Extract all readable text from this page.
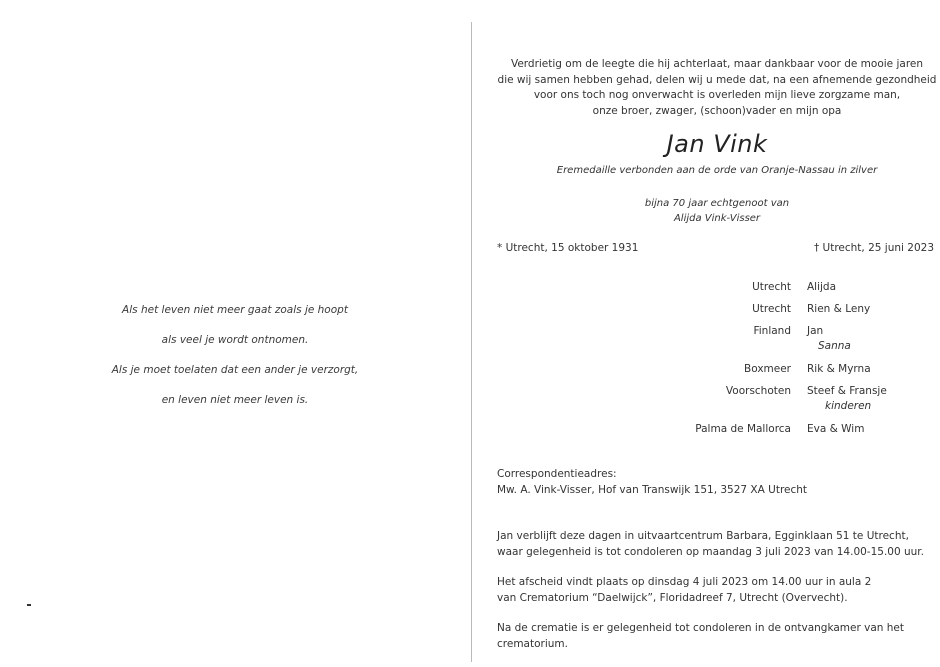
Als het leven niet meer gaat zoals je hoopt
als veel je wordt ontnomen.
Als je moet toelaten dat een ander je verzorgt,
en leven niet meer leven is.
Verdrietig om de leegte die hij achterlaat, maar dankbaar voor de mooie jaren
die wij samen hebben gehad, delen wij u mede dat, na een afnemende gezondheid
voor ons toch nog onverwacht is overleden mijn lieve zorgzame man,
onze broer, zwager, (schoon)vader en mijn opa
Jan Vink
Eremedaille verbonden aan de orde van Oranje-Nassau in zilver
bijna 70 jaar echtgenoot van
Alijda Vink-Visser
* Utrecht, 15 oktober 1931	† Utrecht, 25 juni 2023
Utrecht Alijda
Utrecht Rien & Leny
Finland Jan
Sanna
Boxmeer Rik & Myrna
Voorschoten Steef & Fransje
kinderen
Palma de Mallorca Eva & Wim
Correspondentieadres:
Mw. A. Vink-Visser, Hof van Transwijk 151, 3527 XA Utrecht
Jan verblijft deze dagen in uitvaartcentrum Barbara, Egginklaan 51 te Utrecht,
waar gelegenheid is tot condoleren op maandag 3 juli 2023 van 14.00-15.00 uur.
Het afscheid vindt plaats op dinsdag 4 juli 2023 om 14.00 uur in aula 2
van Crematorium “Daelwijck”, Floridadreef 7, Utrecht (Overvecht).
Na de crematie is er gelegenheid tot condoleren in de ontvangkamer van het
crematorium.
